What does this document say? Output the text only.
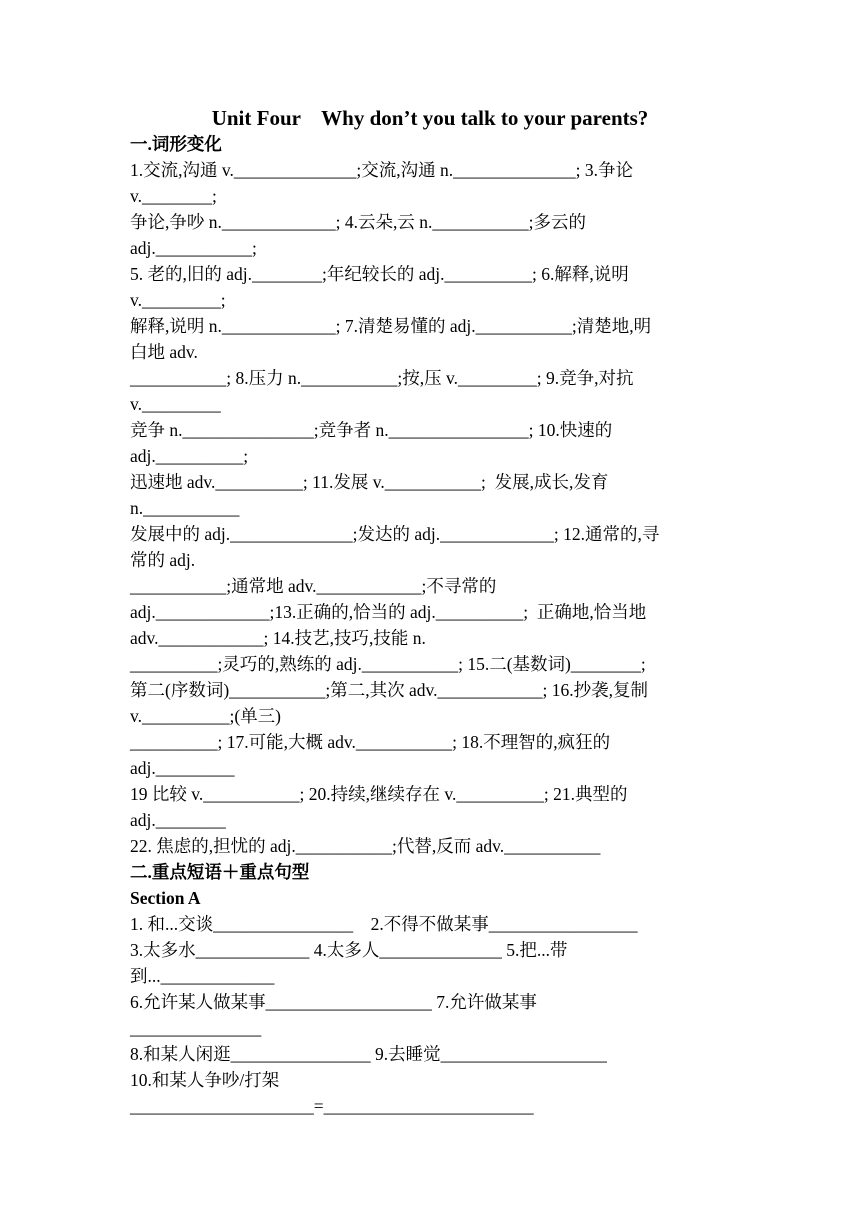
Unit Four    Why don’t you talk to your parents?
一.词形变化
1.交流,沟通 v.______________;交流,沟通 n.______________; 3.争论
v.________;
争论,争吵 n._____________; 4.云朵,云 n.___________;多云的
adj.___________;
5. 老的,旧的 adj.________;年纪较长的 adj.__________; 6.解释,说明
v._________;
解释,说明 n._____________; 7.清楚易懂的 adj.___________;清楚地,明
白地 adv.
___________; 8.压力 n.___________;按,压 v._________; 9.竞争,对抗
v._________
竞争 n._______________;竞争者 n.________________; 10.快速的
adj.__________;
迅速地 adv.__________; 11.发展 v.___________;  发展,成长,发育
n.___________
发展中的 adj.______________;发达的 adj._____________; 12.通常的,寻
常的 adj.
___________;通常地 adv.____________;不寻常的
adj._____________;13.正确的,恰当的 adj.__________;  正确地,恰当地
adv.____________; 14.技艺,技巧,技能 n.
__________;灵巧的,熟练的 adj.___________; 15.二(基数词)________;
第二(序数词)___________;第二,其次 adv.____________; 16.抄袭,复制
v.__________;(单三)
__________; 17.可能,大概 adv.___________; 18.不理智的,疯狂的
adj._________
19 比较 v.___________; 20.持续,继续存在 v.__________; 21.典型的
adj.________
22. 焦虑的,担忧的 adj.___________;代替,反而 adv.___________
二.重点短语＋重点句型
Section A
1. 和...交谈________________    2.不得不做某事_________________
3.太多水_____________ 4.太多人______________ 5.把...带
到..._____________
6.允许某人做某事___________________ 7.允许做某事
_______________
8.和某人闲逛________________ 9.去睡觉___________________
10.和某人争吵/打架
_____________________=________________________
